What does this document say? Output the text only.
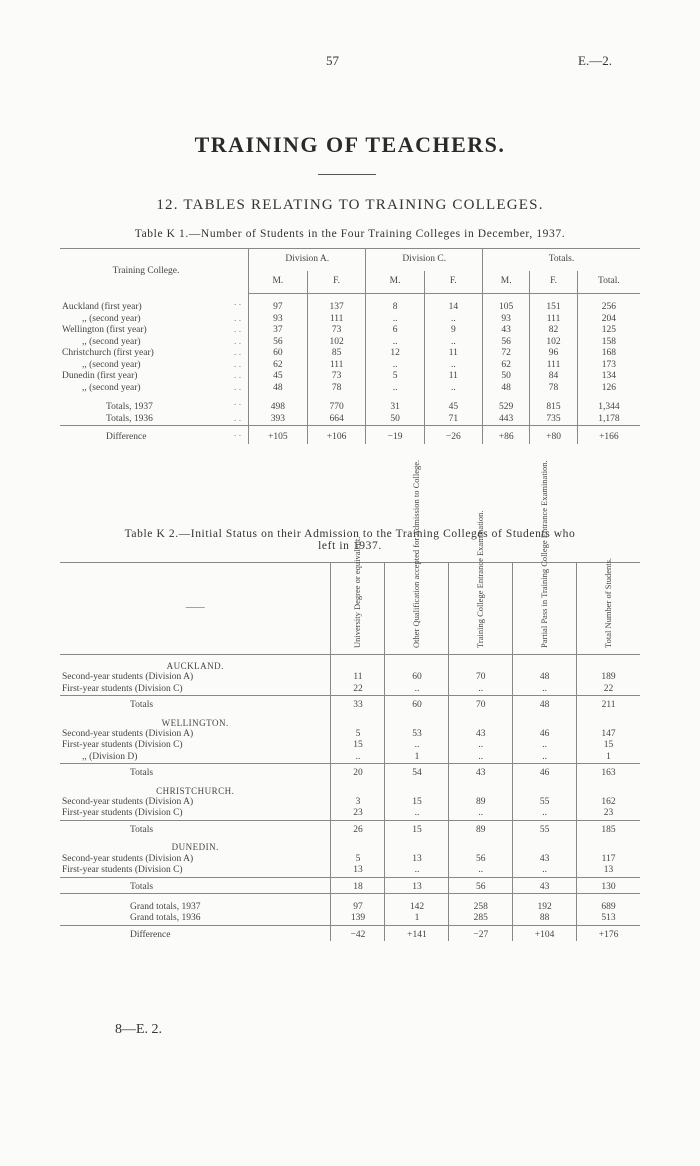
57	E.—2.
TRAINING OF TEACHERS.
12. TABLES RELATING TO TRAINING COLLEGES.
Table K 1.—Number of Students in the Four Training Colleges in December, 1937.
Training College.		Division A.		Division C.		Totals.		
		M.	F.	M.	F.	M.	F.	Total.
Auckland (first year)	. .	97	137	8	14	105	151	256
,, (second year)	. .	93	111	..	..	93	111	204
Wellington (first year)	. .	37	73	6	9	43	82	125
,, (second year)	. .	56	102	..	..	56	102	158
Christchurch (first year)	. .	60	85	12	11	72	96	168
,, (second year)	. .	62	111	..	..	62	111	173
Dunedin (first year)	. .	45	73	5	11	50	84	134
,, (second year)	. .	48	78	..	..	48	78	126
Totals, 1937	. .	498	770	31	45	529	815	1,344
Totals, 1936	. .	393	664	50	71	443	735	1,178
Difference	. .	+105	+106	−19	−26	+86	+80	+166
Table K 2.—Initial Status on their Admission to the Training Colleges of Students who
left in 1937.
——	University Degree or equivalent.	Other Qualification accepted for Admission to College.	Training College Entrance Examination.	Partial Pass in Training College Entrance Examination.	Total Number of Students.
AUCKLAND.					
Second-year students (Division A)	11	60	70	48	189
First-year students (Division C)	22	..	..	..	22
Totals	33	60	70	48	211
WELLINGTON.					
Second-year students (Division A)	5	53	43	46	147
First-year students (Division C)	15	..	..	..	15
,, (Division D)	..	1	..	..	1
Totals	20	54	43	46	163
CHRISTCHURCH.					
Second-year students (Division A)	3	15	89	55	162
First-year students (Division C)	23	..	..	..	23
Totals	26	15	89	55	185
DUNEDIN.					
Second-year students (Division A)	5	13	56	43	117
First-year students (Division C)	13	..	..	..	13
Totals	18	13	56	43	130
Grand totals, 1937	97	142	258	192	689
Grand totals, 1936	139	1	285	88	513
Difference	−42	+141	−27	+104	+176
8—E. 2.
